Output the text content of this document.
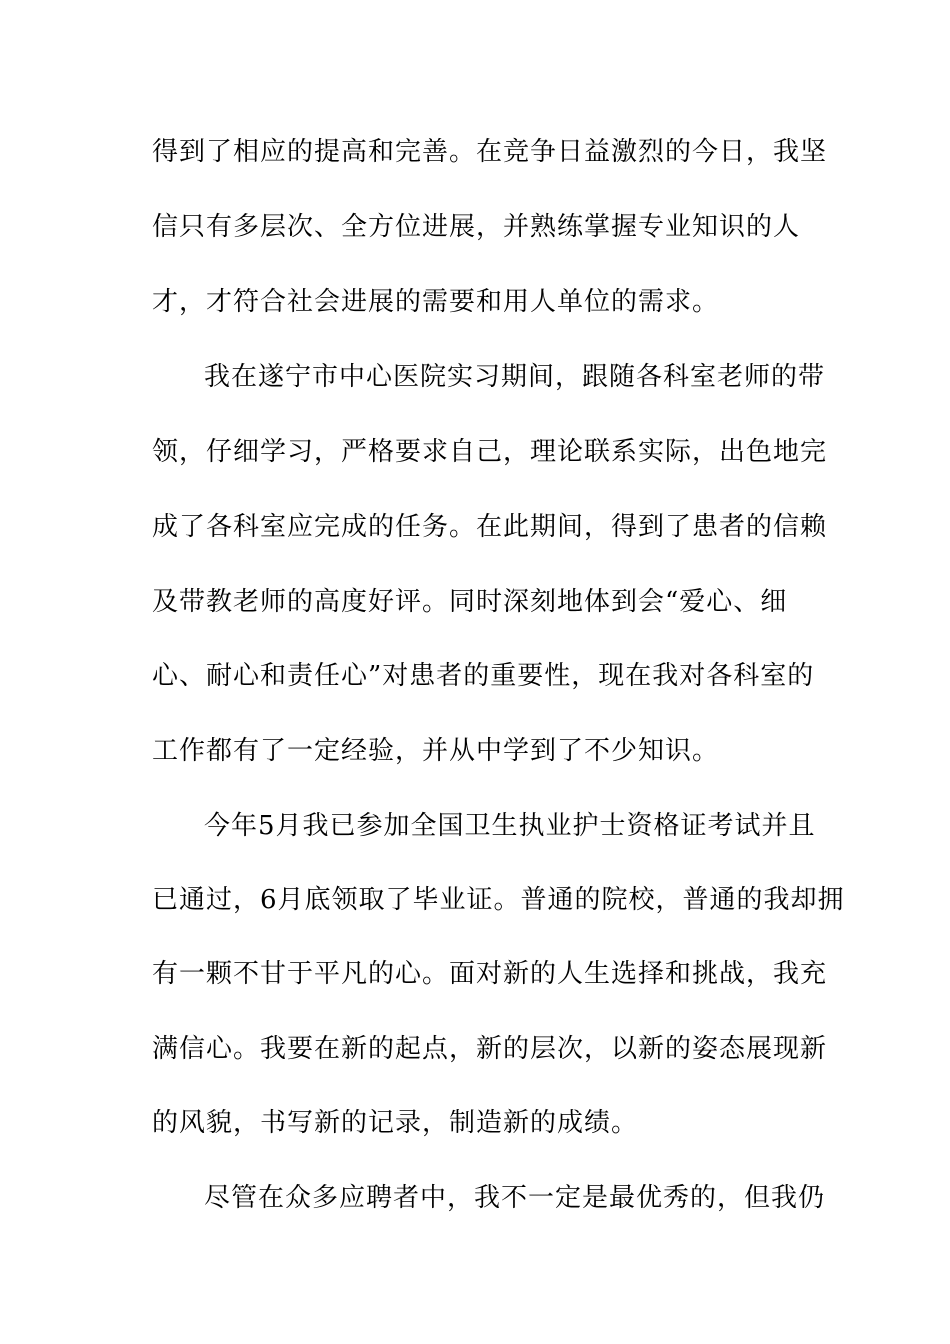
得到了相应的提高和完善。在竞争日益激烈的今日，我坚
信只有多层次、全方位进展，并熟练掌握专业知识的人
才，才符合社会进展的需要和用人单位的需求。
我在遂宁市中心医院实习期间，跟随各科室老师的带
领，仔细学习，严格要求自己，理论联系实际，出色地完
成了各科室应完成的任务。在此期间，得到了患者的信赖
及带教老师的高度好评。同时深刻地体到会“爱心、细
心、耐心和责任心”对患者的重要性，现在我对各科室的
工作都有了一定经验，并从中学到了不少知识。
今年5月我已参加全国卫生执业护士资格证考试并且
已通过，6月底领取了毕业证。普通的院校，普通的我却拥
有一颗不甘于平凡的心。面对新的人生选择和挑战，我充
满信心。我要在新的起点，新的层次，以新的姿态展现新
的风貌，书写新的记录，制造新的成绩。
尽管在众多应聘者中，我不一定是最优秀的，但我仍
